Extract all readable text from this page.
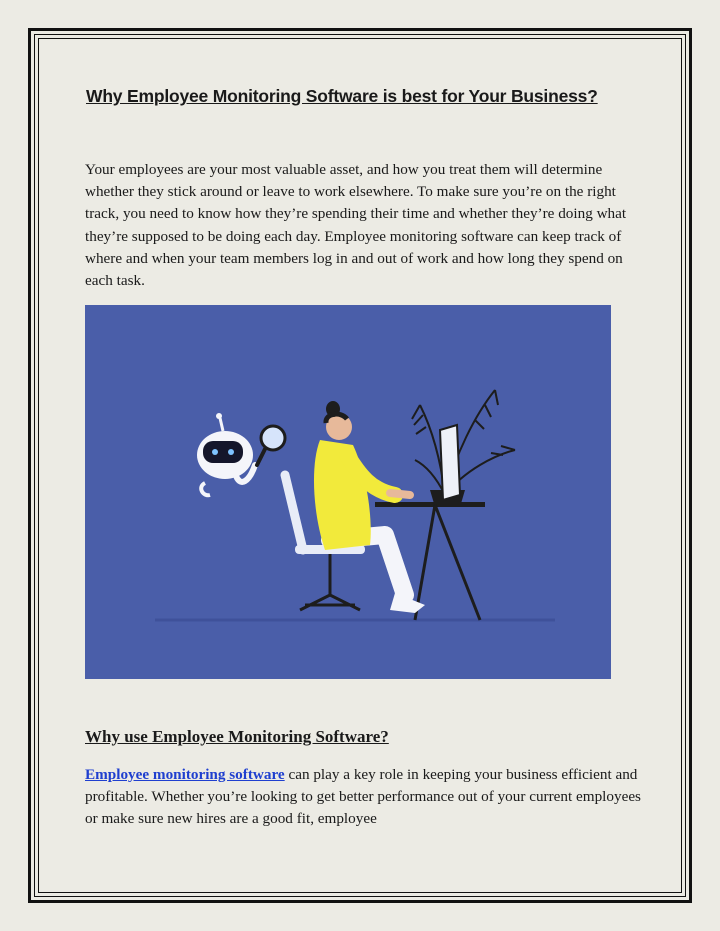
Why Employee Monitoring Software is best for Your Business?

Your employees are your most valuable asset, and how you treat them will determine whether they stick around or leave to work elsewhere. To make sure you’re on the right track, you need to know how they’re spending their time and whether they’re doing what they’re supposed to be doing each day. Employee monitoring software can keep track of where and when your team members log in and out of work and how long they spend on each task.

Why use Employee Monitoring Software?

Employee monitoring software can play a key role in keeping your business efficient and profitable. Whether you’re looking to get better performance out of your current employees or make sure new hires are a good fit, employee
